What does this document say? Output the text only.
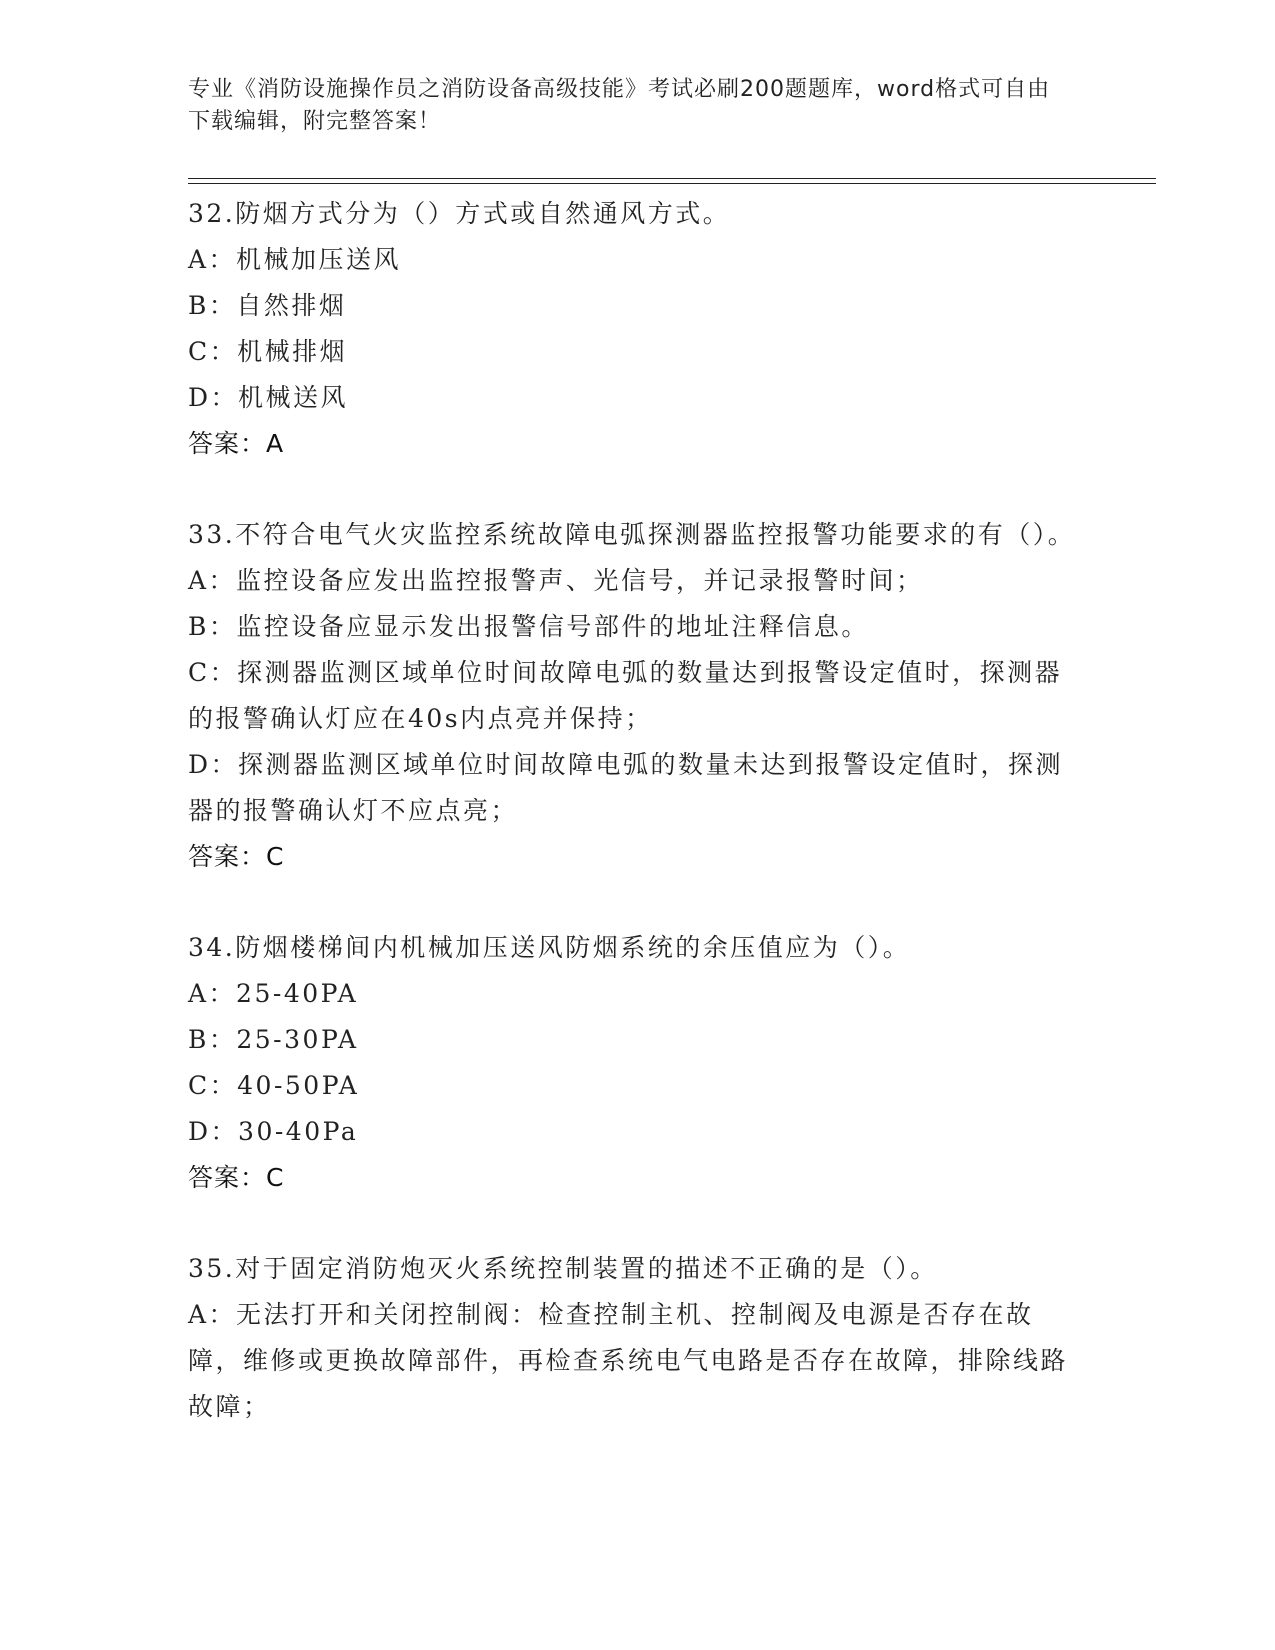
专业《消防设施操作员之消防设备高级技能》考试必刷200题题库，word格式可自由下载编辑，附完整答案！
32.防烟方式分为（）方式或自然通风方式。
A：机械加压送风
B：自然排烟
C：机械排烟
D：机械送风
答案：A
33.不符合电气火灾监控系统故障电弧探测器监控报警功能要求的有（）。
A：监控设备应发出监控报警声、光信号，并记录报警时间；
B：监控设备应显示发出报警信号部件的地址注释信息。
C：探测器监测区域单位时间故障电弧的数量达到报警设定值时，探测器的报警确认灯应在40s内点亮并保持；
D：探测器监测区域单位时间故障电弧的数量未达到报警设定值时，探测器的报警确认灯不应点亮；
答案：C
34.防烟楼梯间内机械加压送风防烟系统的余压值应为（）。
A：25-40PA
B：25-30PA
C：40-50PA
D：30-40Pa
答案：C
35.对于固定消防炮灭火系统控制装置的描述不正确的是（）。
A：无法打开和关闭控制阀：检查控制主机、控制阀及电源是否存在故障，维修或更换故障部件，再检查系统电气电路是否存在故障，排除线路故障；
